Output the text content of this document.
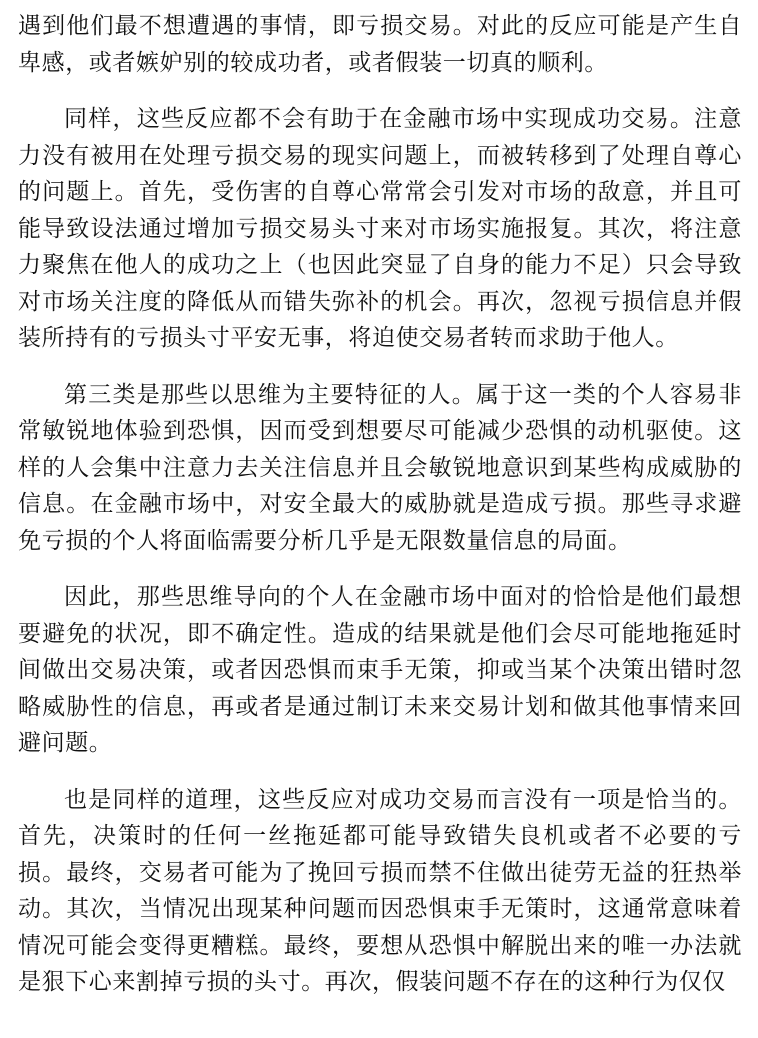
遇到他们最不想遭遇的事情，即亏损交易。对此的反应可能是产生自卑感，或者嫉妒别的较成功者，或者假装一切真的顺利。

同样，这些反应都不会有助于在金融市场中实现成功交易。注意力没有被用在处理亏损交易的现实问题上，而被转移到了处理自尊心的问题上。首先，受伤害的自尊心常常会引发对市场的敌意，并且可能导致设法通过增加亏损交易头寸来对市场实施报复。其次，将注意力聚焦在他人的成功之上（也因此突显了自身的能力不足）只会导致对市场关注度的降低从而错失弥补的机会。再次，忽视亏损信息并假装所持有的亏损头寸平安无事，将迫使交易者转而求助于他人。

第三类是那些以思维为主要特征的人。属于这一类的个人容易非常敏锐地体验到恐惧，因而受到想要尽可能减少恐惧的动机驱使。这样的人会集中注意力去关注信息并且会敏锐地意识到某些构成威胁的信息。在金融市场中，对安全最大的威胁就是造成亏损。那些寻求避免亏损的个人将面临需要分析几乎是无限数量信息的局面。

因此，那些思维导向的个人在金融市场中面对的恰恰是他们最想要避免的状况，即不确定性。造成的结果就是他们会尽可能地拖延时间做出交易决策，或者因恐惧而束手无策，抑或当某个决策出错时忽略威胁性的信息，再或者是通过制订未来交易计划和做其他事情来回避问题。

也是同样的道理，这些反应对成功交易而言没有一项是恰当的。首先，决策时的任何一丝拖延都可能导致错失良机或者不必要的亏损。最终，交易者可能为了挽回亏损而禁不住做出徒劳无益的狂热举动。其次，当情况出现某种问题而因恐惧束手无策时，这通常意味着情况可能会变得更糟糕。最终，要想从恐惧中解脱出来的唯一办法就是狠下心来割掉亏损的头寸。再次，假装问题不存在的这种行为仅仅
